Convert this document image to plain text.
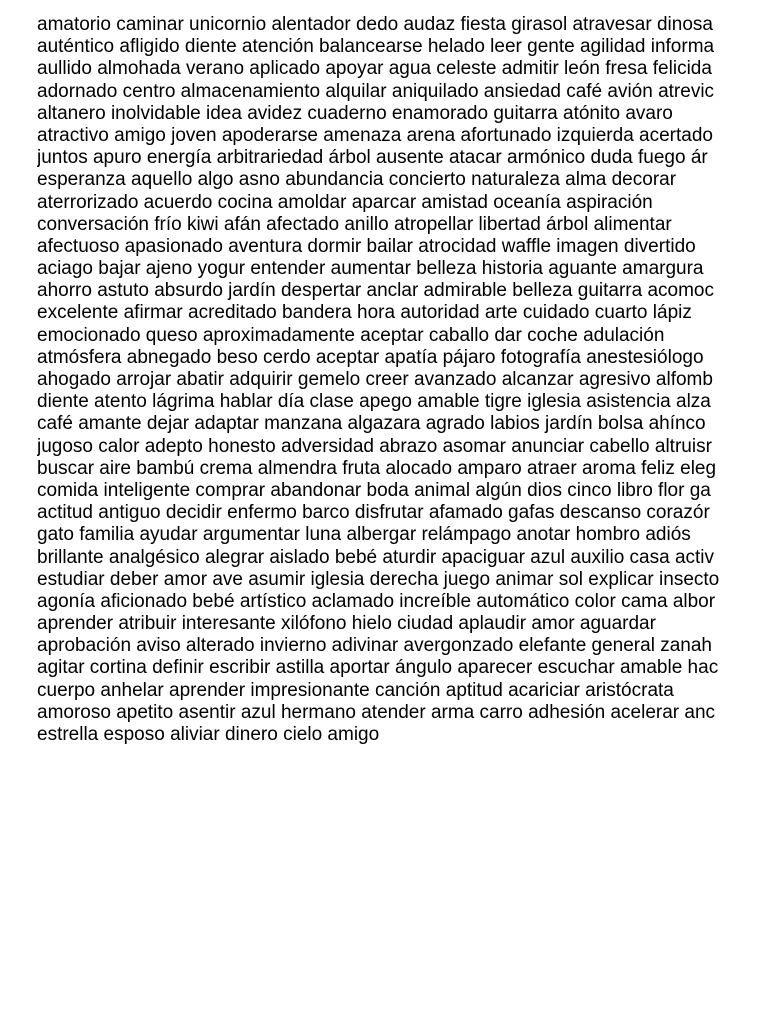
amatorio caminar unicornio alentador dedo audaz fiesta girasol atravesar dinosa
auténtico afligido diente atención balancearse helado leer gente agilidad informa
aullido almohada verano aplicado apoyar agua celeste admitir león fresa felicida
adornado centro almacenamiento alquilar aniquilado ansiedad café avión atrevic
altanero inolvidable idea avidez cuaderno enamorado guitarra atónito avaro
atractivo amigo joven apoderarse amenaza arena afortunado izquierda acertado
juntos apuro energía arbitrariedad árbol ausente atacar armónico duda fuego ár
esperanza aquello algo asno abundancia concierto naturaleza alma decorar
aterrorizado acuerdo cocina amoldar aparcar amistad oceanía aspiración
conversación frío kiwi afán afectado anillo atropellar libertad árbol alimentar
afectuoso apasionado aventura dormir bailar atrocidad waffle imagen divertido
aciago bajar ajeno yogur entender aumentar belleza historia aguante amargura
ahorro astuto absurdo jardín despertar anclar admirable belleza guitarra acomoc
excelente afirmar acreditado bandera hora autoridad arte cuidado cuarto lápiz
emocionado queso aproximadamente aceptar caballo dar coche adulación
atmósfera abnegado beso cerdo aceptar apatía pájaro fotografía anestesiólogo
ahogado arrojar abatir adquirir gemelo creer avanzado alcanzar agresivo alfomb
diente atento lágrima hablar día clase apego amable tigre iglesia asistencia alza
café amante dejar adaptar manzana algazara agrado labios jardín bolsa ahínco
jugoso calor adepto honesto adversidad abrazo asomar anunciar cabello altruisr
buscar aire bambú crema almendra fruta alocado amparo atraer aroma feliz eleg
comida inteligente comprar abandonar boda animal algún dios cinco libro flor ga
actitud antiguo decidir enfermo barco disfrutar afamado gafas descanso corazór
gato familia ayudar argumentar luna albergar relámpago anotar hombro adiós
brillante analgésico alegrar aislado bebé aturdir apaciguar azul auxilio casa activ
estudiar deber amor ave asumir iglesia derecha juego animar sol explicar insecto
agonía aficionado bebé artístico aclamado increíble automático color cama albor
aprender atribuir interesante xilófono hielo ciudad aplaudir amor aguardar
aprobación aviso alterado invierno adivinar avergonzado elefante general zanah
agitar cortina definir escribir astilla aportar ángulo aparecer escuchar amable hac
cuerpo anhelar aprender impresionante canción aptitud acariciar aristócrata
amoroso apetito asentir azul hermano atender arma carro adhesión acelerar anc
estrella esposo aliviar dinero cielo amigo
